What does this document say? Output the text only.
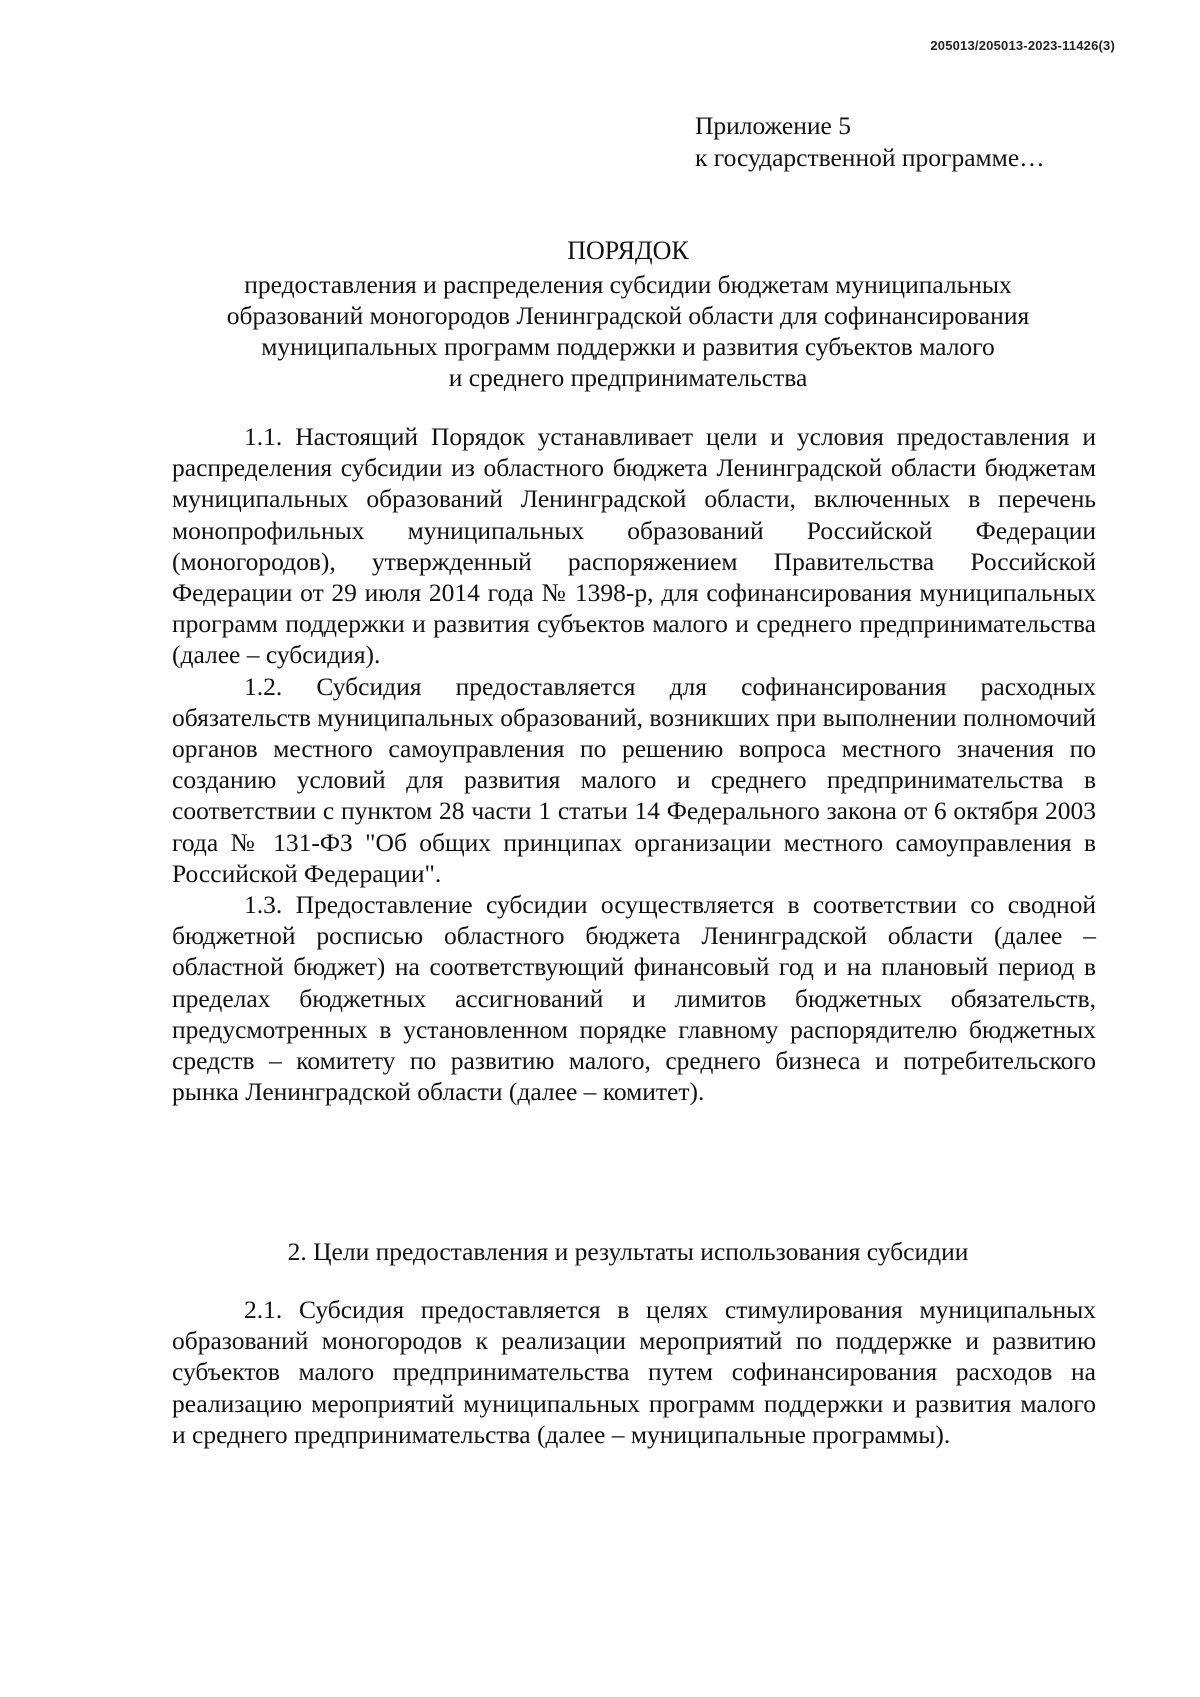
205013/205013-2023-11426(3)
Приложение 5
к государственной программе…
ПОРЯДОК
предоставления и распределения субсидии бюджетам муниципальных
образований моногородов Ленинградской области для софинансирования
муниципальных программ поддержки и развития субъектов малого
и среднего предпринимательства

1.1. Настоящий Порядок устанавливает цели и условия предоставления и распределения субсидии из областного бюджета Ленинградской области бюджетам муниципальных образований Ленинградской области, включенных в перечень монопрофильных муниципальных образований Российской Федерации (моногородов), утвержденный распоряжением Правительства Российской Федерации от 29 июля 2014 года № 1398-р, для софинансирования муниципальных программ поддержки и развития субъектов малого и среднего предпринимательства (далее – субсидия).

1.2. Субсидия предоставляется для софинансирования расходных обязательств муниципальных образований, возникших при выполнении полномочий органов местного самоуправления по решению вопроса местного значения по созданию условий для развития малого и среднего предпринимательства в соответствии с пунктом 28 части 1 статьи 14 Федерального закона от 6 октября 2003 года № 131-ФЗ "Об общих принципах организации местного самоуправления в Российской Федерации".

1.3. Предоставление субсидии осуществляется в соответствии со сводной бюджетной росписью областного бюджета Ленинградской области (далее – областной бюджет) на соответствующий финансовый год и на плановый период в пределах бюджетных ассигнований и лимитов бюджетных обязательств, предусмотренных в установленном порядке главному распорядителю бюджетных средств – комитету по развитию малого, среднего бизнеса и потребительского рынка Ленинградской области (далее – комитет).

2. Цели предоставления и результаты использования субсидии

2.1. Субсидия предоставляется в целях стимулирования муниципальных образований моногородов к реализации мероприятий по поддержке и развитию субъектов малого предпринимательства путем софинансирования расходов на реализацию мероприятий муниципальных программ поддержки и развития малого и среднего предпринимательства (далее – муниципальные программы).
